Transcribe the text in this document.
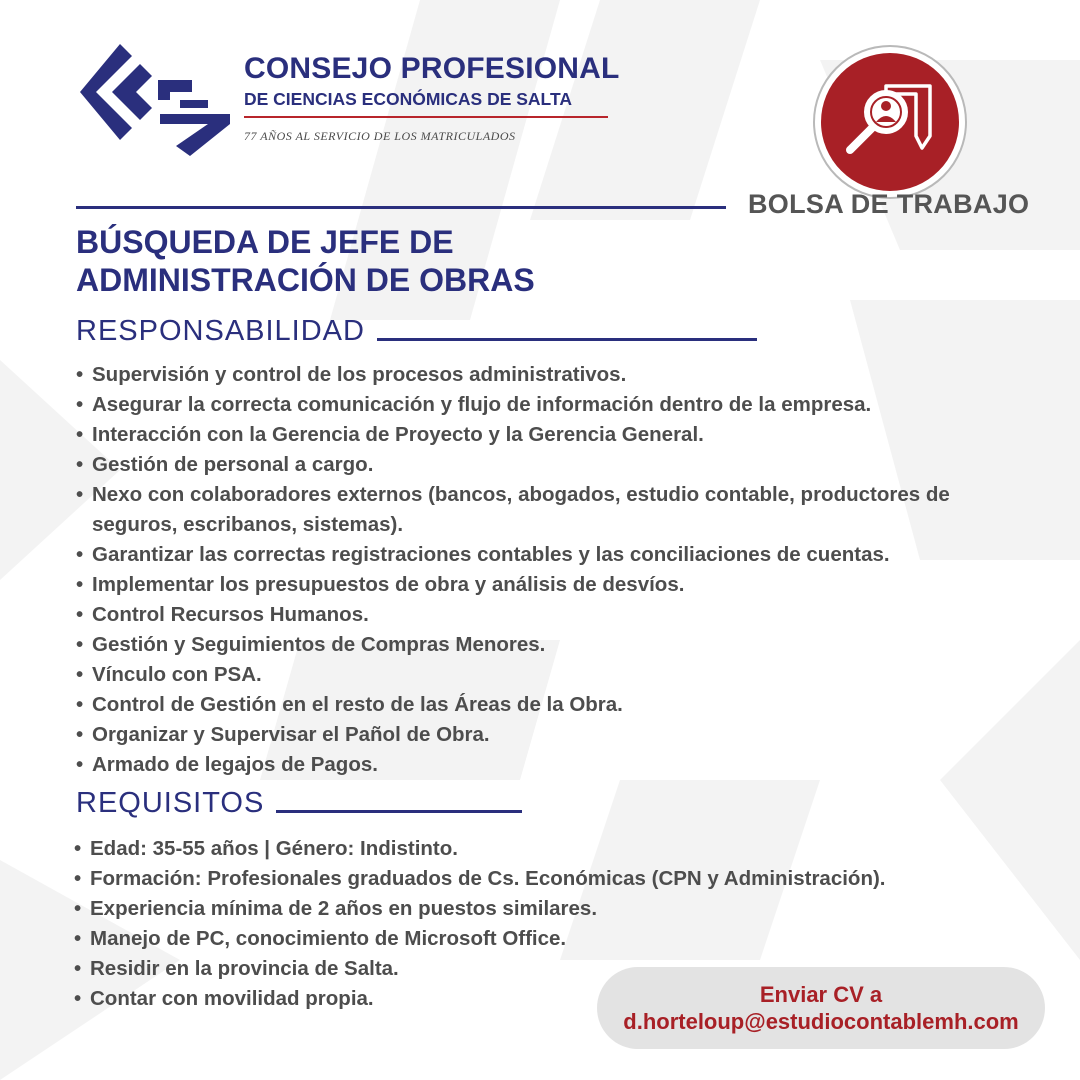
CONSEJO PROFESIONAL
DE CIENCIAS ECONÓMICAS DE SALTA
77 AÑOS AL SERVICIO DE LOS MATRICULADOS
BOLSA DE TRABAJO
BÚSQUEDA DE JEFE DE
ADMINISTRACIÓN DE OBRAS
RESPONSABILIDAD
• Supervisión y control de los procesos administrativos.
• Asegurar la correcta comunicación y flujo de información dentro de la empresa.
• Interacción con la Gerencia de Proyecto y la Gerencia General.
• Gestión de personal a cargo.
• Nexo con colaboradores externos (bancos, abogados, estudio contable, productores de seguros, escribanos, sistemas).
• Garantizar las correctas registraciones contables y las conciliaciones de cuentas.
• Implementar los presupuestos de obra y análisis de desvíos.
• Control Recursos Humanos.
• Gestión y Seguimientos de Compras Menores.
• Vínculo con PSA.
• Control de Gestión en el resto de las Áreas de la Obra.
• Organizar y Supervisar el Pañol de Obra.
• Armado de legajos de Pagos.
REQUISITOS
• Edad: 35-55 años | Género: Indistinto.
• Formación: Profesionales graduados de Cs. Económicas (CPN y Administración).
• Experiencia mínima de 2 años en puestos similares.
• Manejo de PC, conocimiento de Microsoft Office.
• Residir en la provincia de Salta.
• Contar con movilidad propia.	Enviar CV a
d.horteloup@estudiocontablemh.com
